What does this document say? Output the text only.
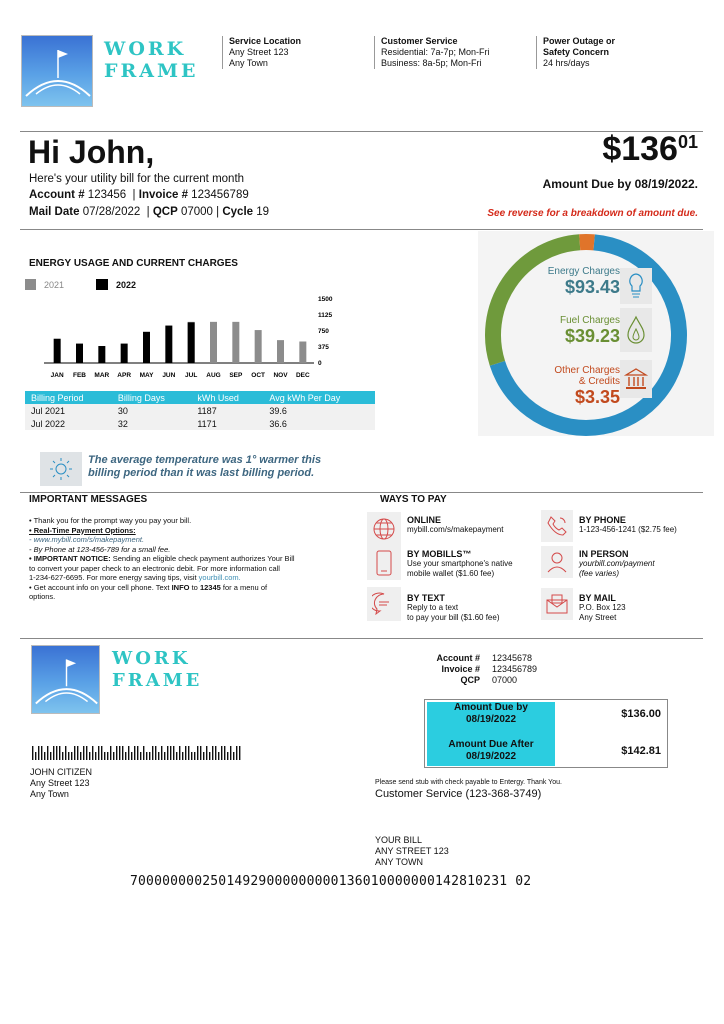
WORK
FRAME
Service Location
Any Street 123
Any Town
Customer Service
Residential: 7a-7p; Mon-Fri
Business: 8a-5p; Mon-Fri
Power Outage or
Safety Concern
24 hrs/days
Hi John,
Here's your utility bill for the current month
Account # 123456  | Invoice # 123456789
Mail Date 07/28/2022  | QCP 07000 | Cycle 19
$\$136^{01}$
Amount Due by 08/19/2022.
See reverse for a breakdown of amount due.
ENERGY USAGE AND CURRENT CHARGES
2021	2022
JAN FEB MAR APR MAY JUN JUL AUG SEP OCT NOV DEC
0
375
750
1125
1500
Billing Period	Billing Days	kWh Used	Avg kWh Per Day
Jul 2021	30	1187	39.6
Jul 2022	32	1171	36.6
Energy Charges
$93.43
Fuel Charges
$39.23
Other Charges
& Credits
$3.35
The average temperature was 1° warmer this
billing period than it was last billing period.
IMPORTANT MESSAGES
• Thank you for the prompt way you pay your bill.
• Real-Time Payment Options:
- www.mybill.com/s/makepayment.
- By Phone at 123-456-789 for a small fee.
• IMPORTANT NOTICE: Sending an eligible check payment authorizes Your Bill
to convert your paper check to an electronic debit. For more information call
1-234-627-6695. For more energy saving tips, visit yourbill.com.
• Get account info on your cell phone. Text INFO to 12345 for a menu of
options.
WAYS TO PAY
ONLINE
mybill.com/s/makepayment
BY MOBILLS™
Use your smartphone's native
mobile wallet ($1.60 fee)
BY TEXT
Reply to a text
to pay your bill ($1.60 fee)
BY PHONE
1-123-456-1241 ($2.75 fee)
IN PERSON
yourbill.com/payment
(fee varies)
BY MAIL
P.O. Box 123
Any Street
WORK
FRAME
Account # 12345678
Invoice # 123456789
QCP 07000
Amount Due by
08/19/2022	$136.00
Amount Due After
08/19/2022	$142.81
JOHN CITIZEN
Any Street 123
Any Town
Please send stub with check payable to Entergy. Thank You.
Customer Service (123-368-3749)
YOUR BILL
ANY STREET 123
ANY TOWN
70000000025014929000000000136010000000142810231 02
